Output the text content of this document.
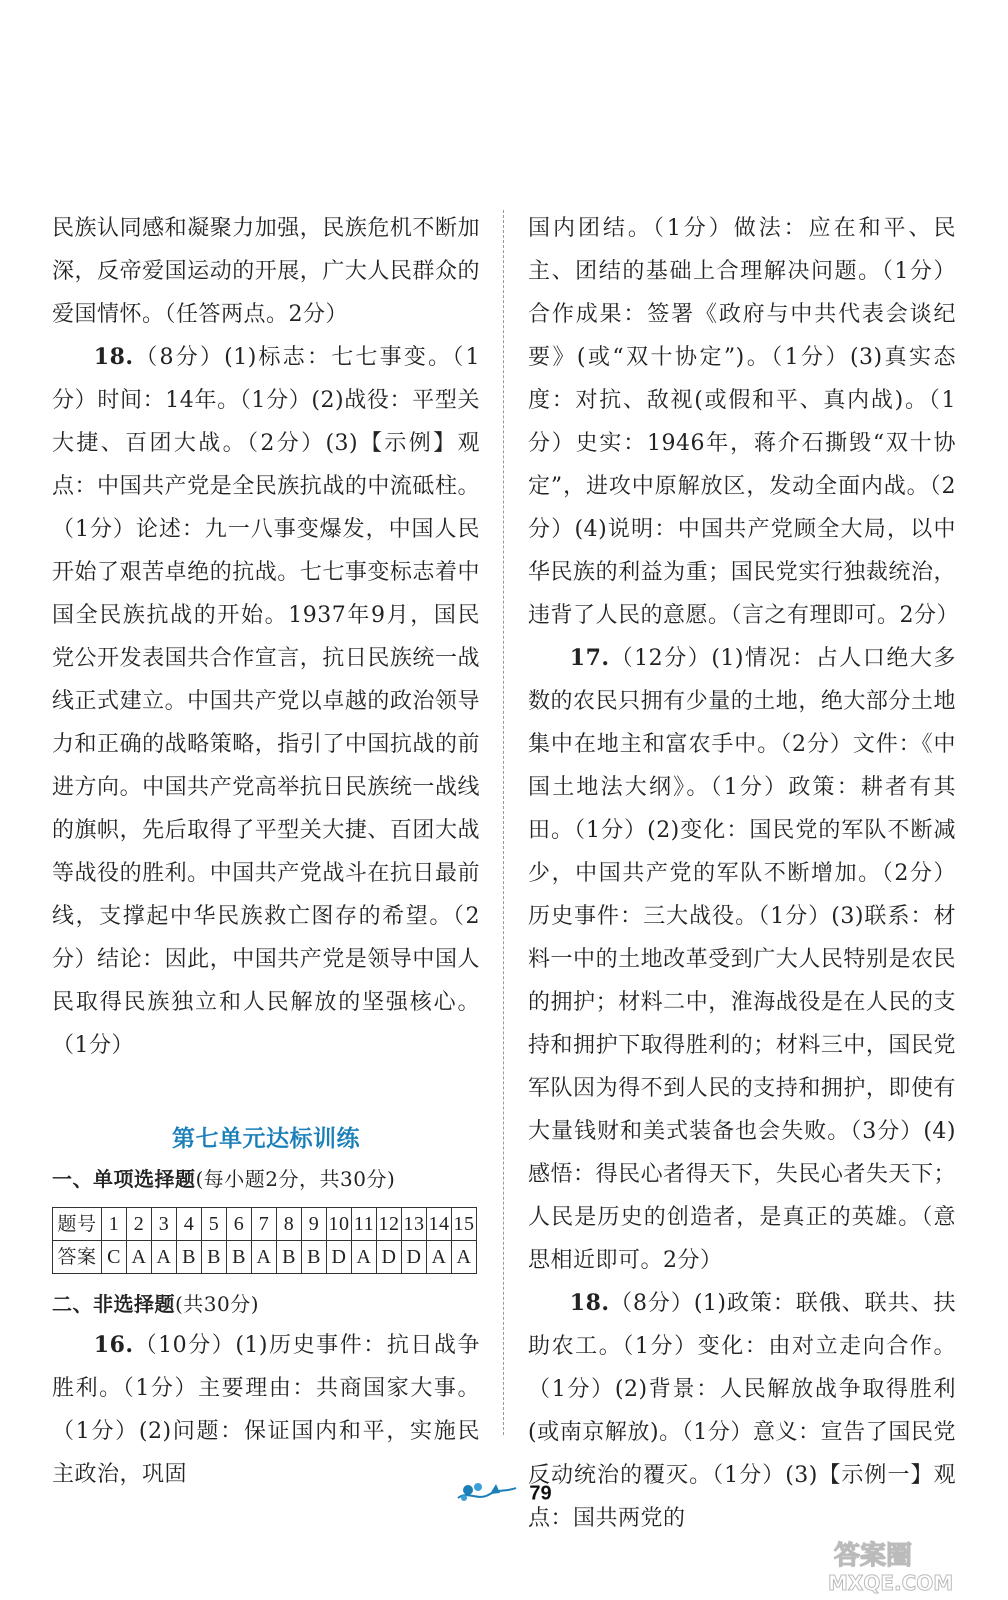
民族认同感和凝聚力加强，民族危机不断加深，反帝爱国运动的开展，广大人民群众的爱国情怀。（任答两点。2分）

18.（8分）(1)标志：七七事变。（1分）时间：14年。（1分）(2)战役：平型关大捷、百团大战。（2分）(3)【示例】观点：中国共产党是全民族抗战的中流砥柱。（1分）论述：九一八事变爆发，中国人民开始了艰苦卓绝的抗战。七七事变标志着中国全民族抗战的开始。1937年9月，国民党公开发表国共合作宣言，抗日民族统一战线正式建立。中国共产党以卓越的政治领导力和正确的战略策略，指引了中国抗战的前进方向。中国共产党高举抗日民族统一战线的旗帜，先后取得了平型关大捷、百团大战等战役的胜利。中国共产党战斗在抗日最前线，支撑起中华民族救亡图存的希望。（2分）结论：因此，中国共产党是领导中国人民取得民族独立和人民解放的坚强核心。（1分）

第七单元达标训练

一、单项选择题(每小题2分，共30分)

题号	1	2	3	4	5	6	7	8	9	10	11	12	13	14	15
答案	C	A	A	B	B	B	A	B	B	D	A	D	D	A	A

二、非选择题(共30分)

16.（10分）(1)历史事件：抗日战争胜利。（1分）主要理由：共商国家大事。（1分）(2)问题：保证国内和平，实施民主政治，巩固

国内团结。（1分）做法：应在和平、民主、团结的基础上合理解决问题。（1分）合作成果：签署《政府与中共代表会谈纪要》(或“双十协定”)。（1分）(3)真实态度：对抗、敌视(或假和平、真内战)。（1分）史实：1946年，蒋介石撕毁“双十协定”，进攻中原解放区，发动全面内战。（2分）(4)说明：中国共产党顾全大局，以中华民族的利益为重；国民党实行独裁统治，违背了人民的意愿。（言之有理即可。2分）

17.（12分）(1)情况：占人口绝大多数的农民只拥有少量的土地，绝大部分土地集中在地主和富农手中。（2分）文件：《中国土地法大纲》。（1分）政策：耕者有其田。（1分）(2)变化：国民党的军队不断减少，中国共产党的军队不断增加。（2分）历史事件：三大战役。（1分）(3)联系：材料一中的土地改革受到广大人民特别是农民的拥护；材料二中，淮海战役是在人民的支持和拥护下取得胜利的；材料三中，国民党军队因为得不到人民的支持和拥护，即使有大量钱财和美式装备也会失败。（3分）(4)感悟：得民心者得天下，失民心者失天下；人民是历史的创造者，是真正的英雄。（意思相近即可。2分）

18.（8分）(1)政策：联俄、联共、扶助农工。（1分）变化：由对立走向合作。（1分）(2)背景：人民解放战争取得胜利(或南京解放)。（1分）意义：宣告了国民党反动统治的覆灭。（1分）(3)【示例一】观点：国共两党的

79
答案圈
MXQE.COM
